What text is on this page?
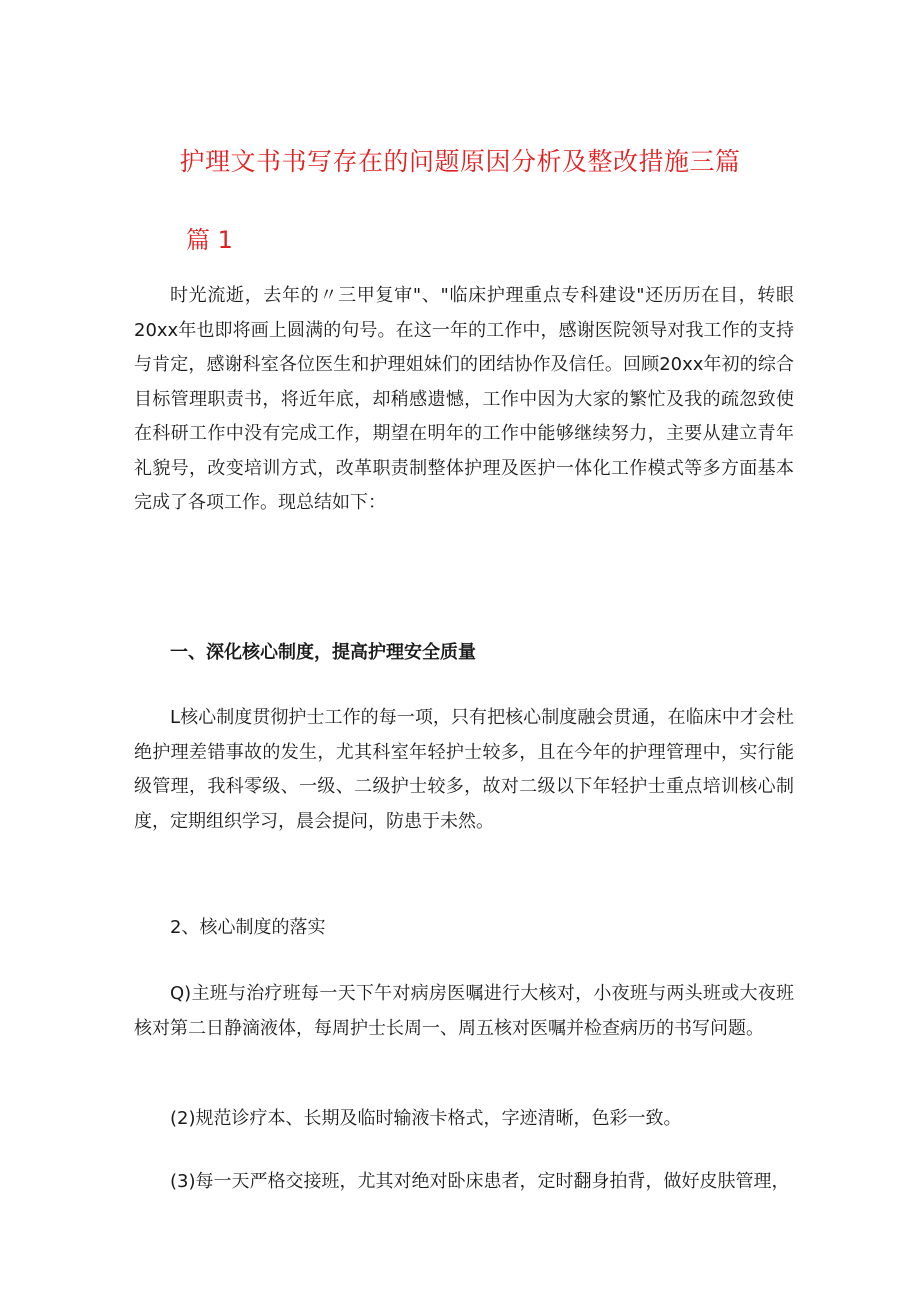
护理文书书写存在的问题原因分析及整改措施三篇
篇 1

时光流逝，去年的〃三甲复审"、"临床护理重点专科建设"还历历在目，转眼20xx年也即将画上圆满的句号。在这一年的工作中，感谢医院领导对我工作的支持与肯定，感谢科室各位医生和护理姐妹们的团结协作及信任。回顾20xx年初的综合目标管理职责书，将近年底，却稍感遗憾，工作中因为大家的繁忙及我的疏忽致使在科研工作中没有完成工作，期望在明年的工作中能够继续努力，主要从建立青年礼貌号，改变培训方式，改革职责制整体护理及医护一体化工作模式等多方面基本完成了各项工作。现总结如下：

一、深化核心制度，提高护理安全质量

L核心制度贯彻护士工作的每一项，只有把核心制度融会贯通，在临床中才会杜绝护理差错事故的发生，尤其科室年轻护士较多，且在今年的护理管理中，实行能级管理，我科零级、一级、二级护士较多，故对二级以下年轻护士重点培训核心制度，定期组织学习，晨会提问，防患于未然。

2、核心制度的落实

Q)主班与治疗班每一天下午对病房医嘱进行大核对，小夜班与两头班或大夜班核对第二日静滴液体，每周护士长周一、周五核对医嘱并检查病历的书写问题。

(2)规范诊疗本、长期及临时输液卡格式，字迹清晰，色彩一致。

(3)每一天严格交接班，尤其对绝对卧床患者，定时翻身拍背，做好皮肤管理，
